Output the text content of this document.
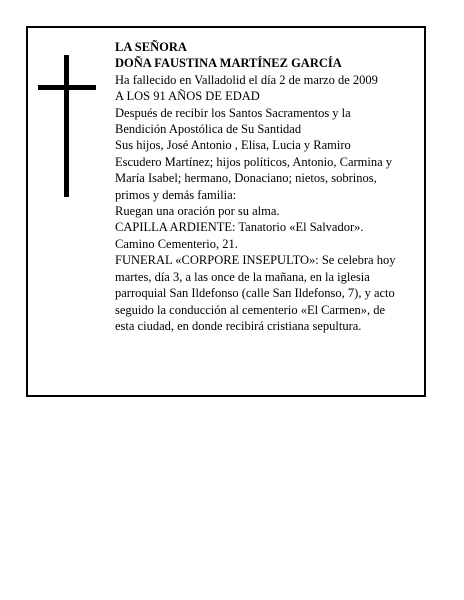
LA SEÑORA
DOÑA FAUSTINA MARTÍNEZ GARCÍA
Ha fallecido en Valladolid el día 2 de marzo de 2009
A LOS 91 AÑOS DE EDAD
Después de recibir los Santos Sacramentos y la
Bendición Apostólica de Su Santidad
Sus hijos, José Antonio , Elisa, Lucia y Ramiro
Escudero Martínez; hijos políticos, Antonio, Carmina y
María Isabel; hermano, Donaciano; nietos, sobrinos,
primos y demás familia:
Ruegan una oración por su alma.
CAPILLA ARDIENTE: Tanatorio «El Salvador».
Camino Cementerio, 21.
FUNERAL «CORPORE INSEPULTO»: Se celebra hoy
martes, día 3, a las once de la mañana, en la iglesia
parroquial San Ildefonso (calle San Ildefonso, 7), y acto
seguido la conducción al cementerio «El Carmen», de
esta ciudad, en donde recibirá cristiana sepultura.
